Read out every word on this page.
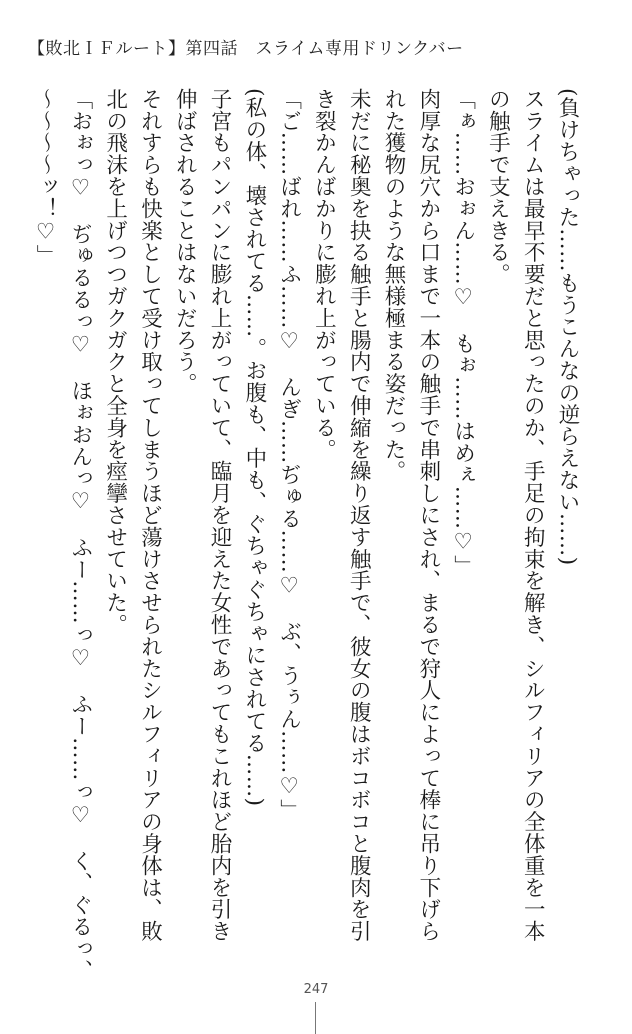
【敗北ＩＦルート】第四話　スライム専用ドリンクバー

(負けちゃった……もうこんなの逆らえない……)

スライムは最早不要だと思ったのか、手足の拘束を解き、シルフィリアの全体重を一本

の触手で支えきる。

「ぁ……おぉん……♡　もぉ……はめぇ……♡」

肉厚な尻穴から口まで一本の触手で串刺しにされ、まるで狩人によって棒に吊り下げら

れた獲物のような無様極まる姿だった。

未だに秘奥を抉る触手と腸内で伸縮を繰り返す触手で、彼女の腹はボコボコと腹肉を引

き裂かんばかりに膨れ上がっている。

「ご……ばれ……ふ……♡　んぎ……ぢゅる……♡　ぶ、うぅん……♡」

(私の体、壊されてる……。お腹も、中も、ぐちゃぐちゃにされてる……)

子宮もパンパンに膨れ上がっていて、臨月を迎えた女性であってもこれほど胎内を引き

伸ばされることはないだろう。

それすらも快楽として受け取ってしまうほど蕩けさせられたシルフィリアの身体は、敗

北の飛沫を上げつつガクガクと全身を痙攣させていた。

「おぉっ♡　ぢゅるるっ♡　ほぉおんっ♡　ふー……っ♡　ふー……っ♡　く、ぐるっ、

〜〜〜〜ッ！♡」

247
